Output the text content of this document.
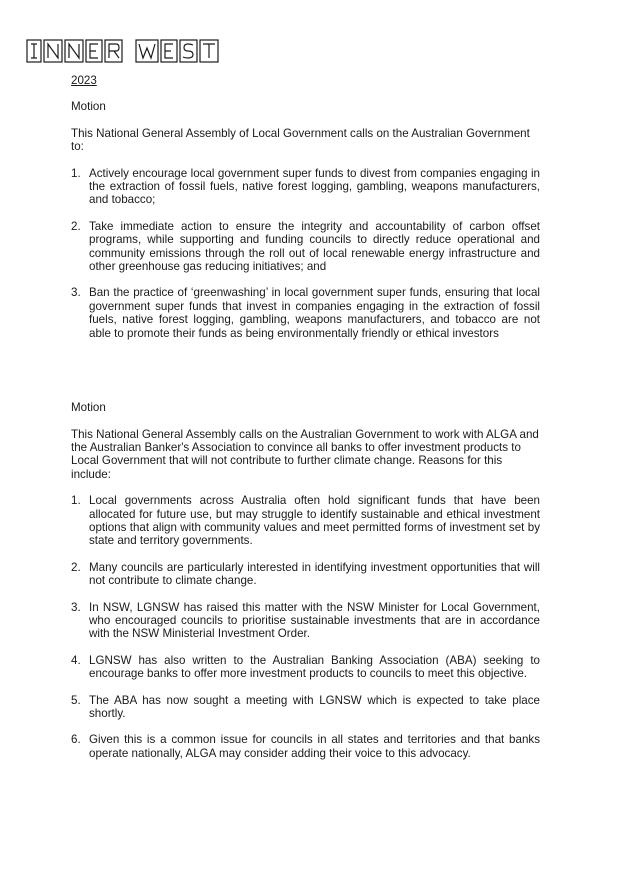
2023
Motion
This National General Assembly of Local Government calls on the Australian Government to:
1. Actively encourage local government super funds to divest from companies engaging in the extraction of fossil fuels, native forest logging, gambling, weapons manufacturers, and tobacco;
2. Take immediate action to ensure the integrity and accountability of carbon offset programs, while supporting and funding councils to directly reduce operational and community emissions through the roll out of local renewable energy infrastructure and other greenhouse gas reducing initiatives; and
3. Ban the practice of ‘greenwashing’ in local government super funds, ensuring that local government super funds that invest in companies engaging in the extraction of fossil fuels, native forest logging, gambling, weapons manufacturers, and tobacco are not able to promote their funds as being environmentally friendly or ethical investors
Motion
This National General Assembly calls on the Australian Government to work with ALGA and the Australian Banker's Association to convince all banks to offer investment products to Local Government that will not contribute to further climate change. Reasons for this include:
1. Local governments across Australia often hold significant funds that have been allocated for future use, but may struggle to identify sustainable and ethical investment options that align with community values and meet permitted forms of investment set by state and territory governments.
2. Many councils are particularly interested in identifying investment opportunities that will not contribute to climate change.
3. In NSW, LGNSW has raised this matter with the NSW Minister for Local Government, who encouraged councils to prioritise sustainable investments that are in accordance with the NSW Ministerial Investment Order.
4. LGNSW has also written to the Australian Banking Association (ABA) seeking to encourage banks to offer more investment products to councils to meet this objective.
5. The ABA has now sought a meeting with LGNSW which is expected to take place shortly.
6. Given this is a common issue for councils in all states and territories and that banks operate nationally, ALGA may consider adding their voice to this advocacy.
